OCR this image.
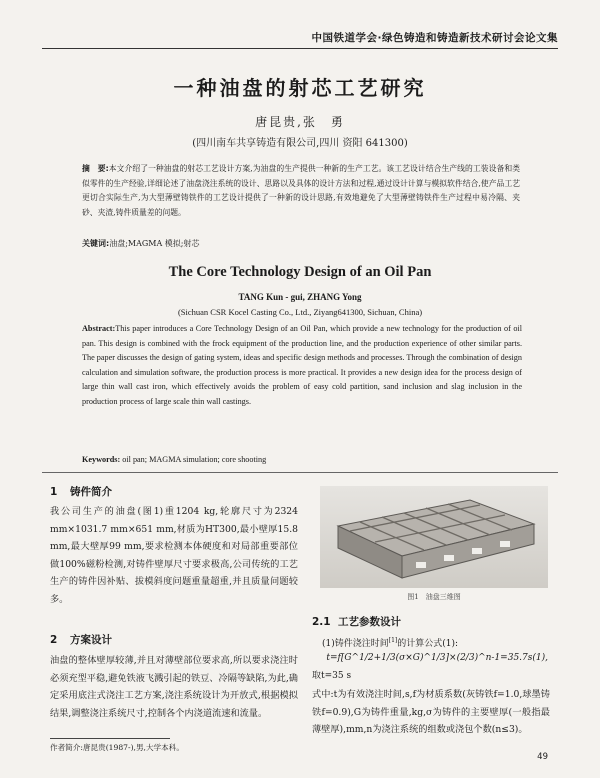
中国铁道学会·绿色铸造和铸造新技术研讨会论文集
一种油盘的射芯工艺研究
唐昆贵,张　勇
(四川南车共享铸造有限公司,四川 资阳 641300)
摘　要:本文介绍了一种油盘的射芯工艺设计方案,为油盘的生产提供一种新的生产工艺。该工艺设计结合生产线的工装设备和类似零件的生产经验,详细论述了油盘浇注系统的设计、思路以及具体的设计方法和过程,通过设计计算与模拟软件结合,使产品工艺更切合实际生产,为大型薄壁铸铁件的工艺设计提供了一种新的设计思路,有效地避免了大型薄壁铸铁件生产过程中易冷隔、夹砂、夹渣,铸件质量差的问题。
关键词:油盘;MAGMA 模拟;射芯
The Core Technology Design of an Oil Pan
TANG Kun - gui, ZHANG Yong
(Sichuan CSR Kocel Casting Co., Ltd., Ziyang641300, Sichuan, China)
Abstract:This paper introduces a Core Technology Design of an Oil Pan, which provide a new technology for the production of oil pan. This design is combined with the frock equipment of the production line, and the production experience of other similar parts. The paper discusses the design of gating system, ideas and specific design methods and processes. Through the combination of design calculation and simulation software, the production process is more practical. It provides a new design idea for the process design of large thin wall cast iron, which effectively avoids the problem of easy cold partition, sand inclusion and slag inclusion in the production process of large scale thin wall castings.
Keywords: oil pan; MAGMA simulation; core shooting
1 铸件简介
我公司生产的油盘(图1)重1204 kg,轮廓尺寸为2324 mm×1031.7 mm×651 mm,材质为HT300,最小壁厚15.8 mm,最大壁厚99 mm,要求检测本体硬度和对局部重要部位做100%磁粉检测,对铸件壁厚尺寸要求极高,公司传统的工艺生产的铸件因补贴、拔模斜度问题重量超重,并且质量问题较多。	图1　油盘三维图
2 方案设计
油盘的整体壁厚较薄,并且对薄壁部位要求高,所以要求浇注时必须充型平稳,避免铁液飞溅引起的铁豆、冷隔等缺陷,为此,确定采用底注式浇注工艺方案,浇注系统设计为开放式,根据模拟结果,调整浇注系统尺寸,控制各个内浇道流速和流量。
2.1 工艺参数设计
(1)铸件浇注时间[1]的计算公式(1):
t=f[G^1/2+1/3(σ×G)^1/3]×(2/3)^n-1=35.7s(1),
取t=35 s
式中:t为有效浇注时间,s,f为材质系数(灰铸铁f=1.0,球墨铸铁f=0.9),G为铸件重量,kg,σ为铸件的主要壁厚(一般指最薄壁厚),mm,n为浇注系统的组数或浇包个数(n≤3)。
作者简介:唐昆贵(1987-),男,大学本科。
49
